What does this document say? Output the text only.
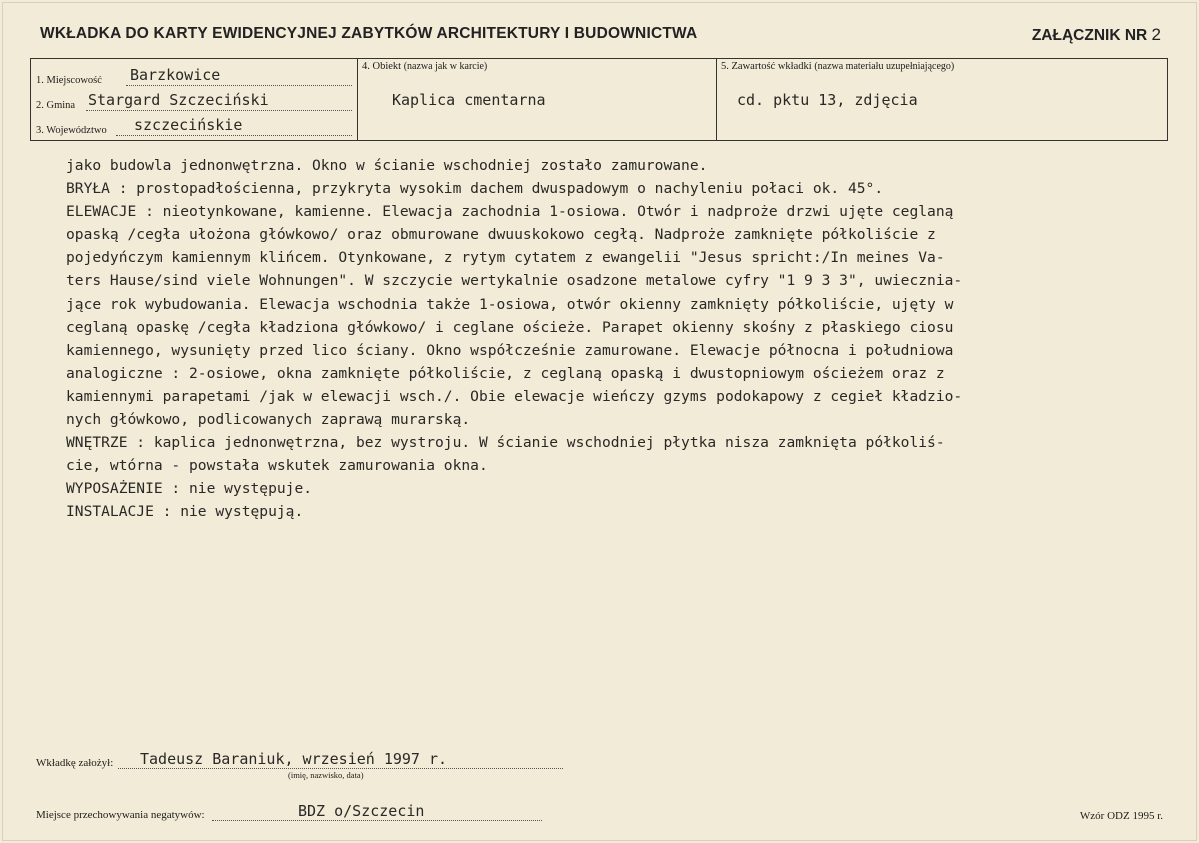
WKŁADKA DO KARTY EWIDENCYJNEJ ZABYTKÓW ARCHITEKTURY I BUDOWNICTWA	ZAŁĄCZNIK NR 2
1. Miejscowość Barzkowice
2. Gmina Stargard Szczeciński
3. Województwo szczecińskie
4. Obiekt (nazwa jak w karcie)
Kaplica cmentarna
5. Zawartość wkładki (nazwa materiału uzupełniającego)
cd. pktu 13, zdjęcia
jako budowla jednonwętrzna. Okno w ścianie wschodniej zostało zamurowane.
BRYŁA : prostopadłościenna, przykryta wysokim dachem dwuspadowym o nachyleniu połaci ok. 45°.
ELEWACJE : nieotynkowane, kamienne. Elewacja zachodnia 1-osiowa. Otwór i nadproże drzwi ujęte ceglaną
opaską /cegła ułożona główkowo/ oraz obmurowane dwuuskokowo cegłą. Nadproże zamknięte półkoliście z
pojedyńczym kamiennym klińcem. Otynkowane, z rytym cytatem z ewangelii "Jesus spricht:/In meines Va-
ters Hause/sind viele Wohnungen". W szczycie wertykalnie osadzone metalowe cyfry "1 9 3 3", uwiecznia-
jące rok wybudowania. Elewacja wschodnia także 1-osiowa, otwór okienny zamknięty półkoliście, ujęty w
ceglaną opaskę /cegła kładziona główkowo/ i ceglane ościeże. Parapet okienny skośny z płaskiego ciosu
kamiennego, wysunięty przed lico ściany. Okno współcześnie zamurowane. Elewacje północna i południowa
analogiczne : 2-osiowe, okna zamknięte półkoliście, z ceglaną opaską i dwustopniowym ościeżem oraz z
kamiennymi parapetami /jak w elewacji wsch./. Obie elewacje wieńczy gzyms podokapowy z cegieł kładzio-
nych główkowo, podlicowanych zaprawą murarską.
WNĘTRZE : kaplica jednonwętrzna, bez wystroju. W ścianie wschodniej płytka nisza zamknięta półkoliś-
cie, wtórna - powstała wskutek zamurowania okna.
WYPOSAŻENIE : nie występuje.
INSTALACJE : nie występują.
Wkładkę założył: Tadeusz Baraniuk, wrzesień 1997 r.
(imię, nazwisko, data)
Miejsce przechowywania negatywów:	BDZ o/Szczecin	Wzór ODZ 1995 r.
